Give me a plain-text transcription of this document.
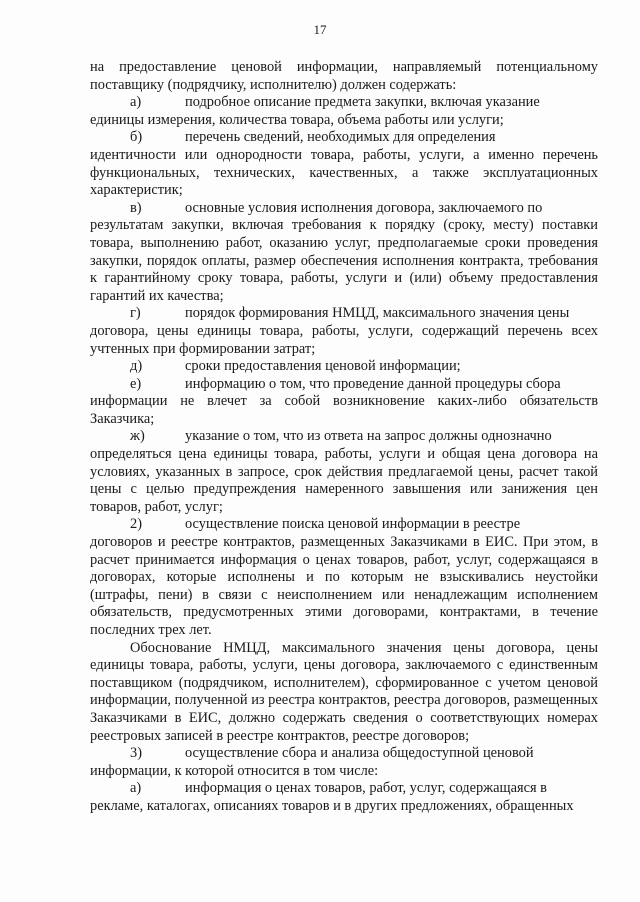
17

на предоставление ценовой информации, направляемый потенциальному поставщику (подрядчику, исполнителю) должен содержать:

а)	подробное описание предмета закупки, включая указание

единицы измерения, количества товара, объема работы или услуги;

б)	перечень сведений, необходимых для определения

идентичности или однородности товара, работы, услуги, а именно перечень функциональных, технических, качественных, а также эксплуатационных характеристик;

в)	основные условия исполнения договора, заключаемого по

результатам закупки, включая требования к порядку (сроку, месту) поставки товара, выполнению работ, оказанию услуг, предполагаемые сроки проведения закупки, порядок оплаты, размер обеспечения исполнения контракта, требования к гарантийному сроку товара, работы, услуги и (или) объему предоставления гарантий их качества;

г)	порядок формирования НМЦД, максимального значения цены

договора, цены единицы товара, работы, услуги, содержащий перечень всех учтенных при формировании затрат;

д)	сроки предоставления ценовой информации;
е)	информацию о том, что проведение данной процедуры сбора

информации не влечет за собой возникновение каких-либо обязательств Заказчика;

ж)	указание о том, что из ответа на запрос должны однозначно

определяться цена единицы товара, работы, услуги и общая цена договора на условиях, указанных в запросе, срок действия предлагаемой цены, расчет такой цены с целью предупреждения намеренного завышения или занижения цен товаров, работ, услуг;

2)	осуществление поиска ценовой информации в реестре

договоров и реестре контрактов, размещенных Заказчиками в ЕИС. При этом, в расчет принимается информация о ценах товаров, работ, услуг, содержащаяся в договорах, которые исполнены и по которым не взыскивались неустойки (штрафы, пени) в связи с неисполнением или ненадлежащим исполнением обязательств, предусмотренных этими договорами, контрактами, в течение последних трех лет.

Обоснование НМЦД, максимального значения цены договора, цены единицы товара, работы, услуги, цены договора, заключаемого с единственным поставщиком (подрядчиком, исполнителем), сформированное с учетом ценовой информации, полученной из реестра контрактов, реестра договоров, размещенных Заказчиками в ЕИС, должно содержать сведения о соответствующих номерах реестровых записей в реестре контрактов, реестре договоров;

3)	осуществление сбора и анализа общедоступной ценовой

информации, к которой относится в том числе:

а)	информация о ценах товаров, работ, услуг, содержащаяся в

рекламе, каталогах, описаниях товаров и в других предложениях, обращенных
